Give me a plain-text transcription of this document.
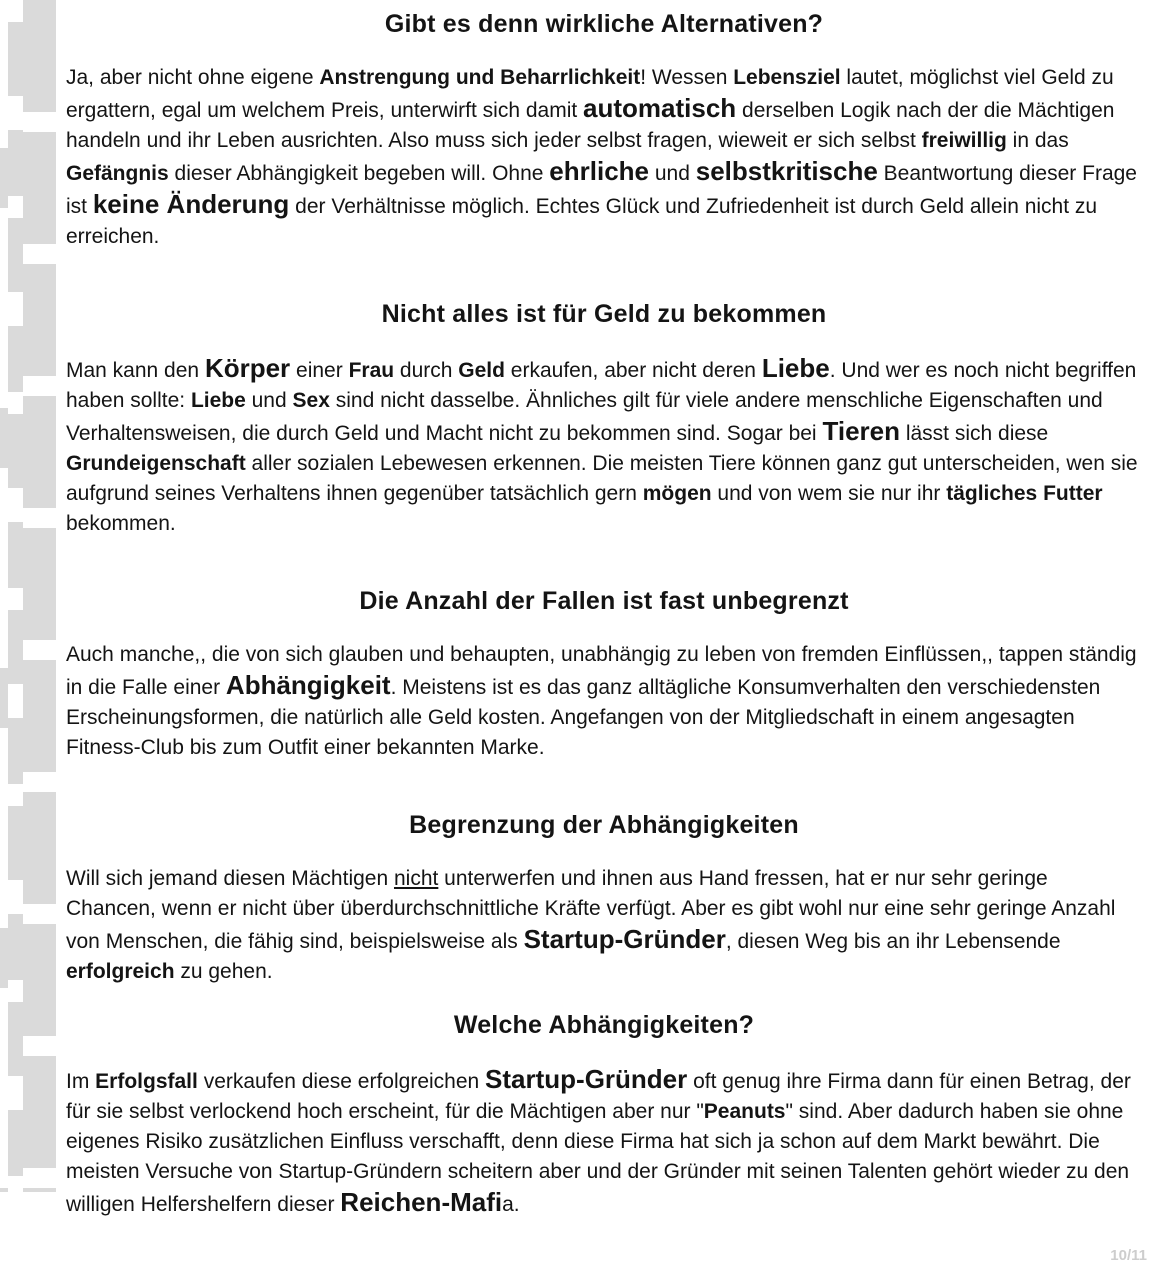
Gibt es denn wirkliche Alternativen?

Ja, aber nicht ohne eigene Anstrengung und Beharrlichkeit! Wessen Lebensziel lautet, möglichst viel Geld zu ergattern, egal um welchem Preis, unterwirft sich damit automatisch derselben Logik nach der die Mächtigen handeln und ihr Leben ausrichten. Also muss sich jeder selbst fragen, wieweit er sich selbst freiwillig in das Gefängnis dieser Abhängigkeit begeben will. Ohne ehrliche und selbstkritische Beantwortung dieser Frage ist keine Änderung der Verhältnisse möglich. Echtes Glück und Zufriedenheit ist durch Geld allein nicht zu erreichen.

Nicht alles ist für Geld zu bekommen

Man kann den Körper einer Frau durch Geld erkaufen, aber nicht deren Liebe. Und wer es noch nicht begriffen haben sollte: Liebe und Sex sind nicht dasselbe. Ähnliches gilt für viele andere menschliche Eigenschaften und Verhaltensweisen, die durch Geld und Macht nicht zu bekommen sind. Sogar bei Tieren lässt sich diese Grundeigenschaft aller sozialen Lebewesen erkennen. Die meisten Tiere können ganz gut unterscheiden, wen sie aufgrund seines Verhaltens ihnen gegenüber tatsächlich gern mögen und von wem sie nur ihr tägliches Futter bekommen.

Die Anzahl der Fallen ist fast unbegrenzt

Auch manche,, die von sich glauben und behaupten, unabhängig zu leben von fremden Einflüssen,, tappen ständig in die Falle einer Abhängigkeit. Meistens ist es das ganz alltägliche Konsumverhalten den verschiedensten Erscheinungsformen, die natürlich alle Geld kosten. Angefangen von der Mitgliedschaft in einem angesagten Fitness-Club bis zum Outfit einer bekannten Marke.

Begrenzung der Abhängigkeiten

Will sich jemand diesen Mächtigen nicht unterwerfen und ihnen aus Hand fressen, hat er nur sehr geringe Chancen, wenn er nicht über überdurchschnittliche Kräfte verfügt. Aber es gibt wohl nur eine sehr geringe Anzahl von Menschen, die fähig sind, beispielsweise als Startup-Gründer, diesen Weg bis an ihr Lebensende erfolgreich zu gehen.

Welche Abhängigkeiten?

Im Erfolgsfall verkaufen diese erfolgreichen Startup-Gründer oft genug ihre Firma dann für einen Betrag, der für sie selbst verlockend hoch erscheint, für die Mächtigen aber nur "Peanuts" sind. Aber dadurch haben sie ohne eigenes Risiko zusätzlichen Einfluss verschafft, denn diese Firma hat sich ja schon auf dem Markt bewährt. Die meisten Versuche von Startup-Gründern scheitern aber und der Gründer mit seinen Talenten gehört wieder zu den willigen Helfershelfern dieser Reichen-Mafia.

10/11
